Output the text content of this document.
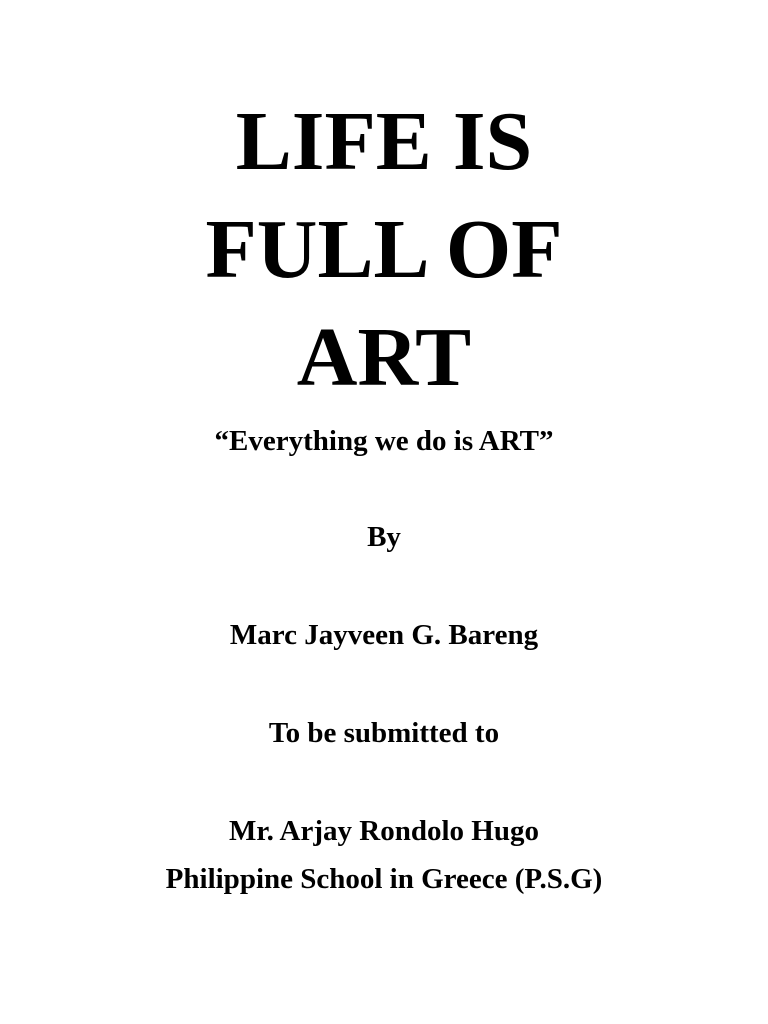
LIFE IS
FULL OF
ART
“Everything we do is ART”
By
Marc Jayveen G. Bareng
To be submitted to
Mr. Arjay Rondolo Hugo
Philippine School in Greece (P.S.G)
